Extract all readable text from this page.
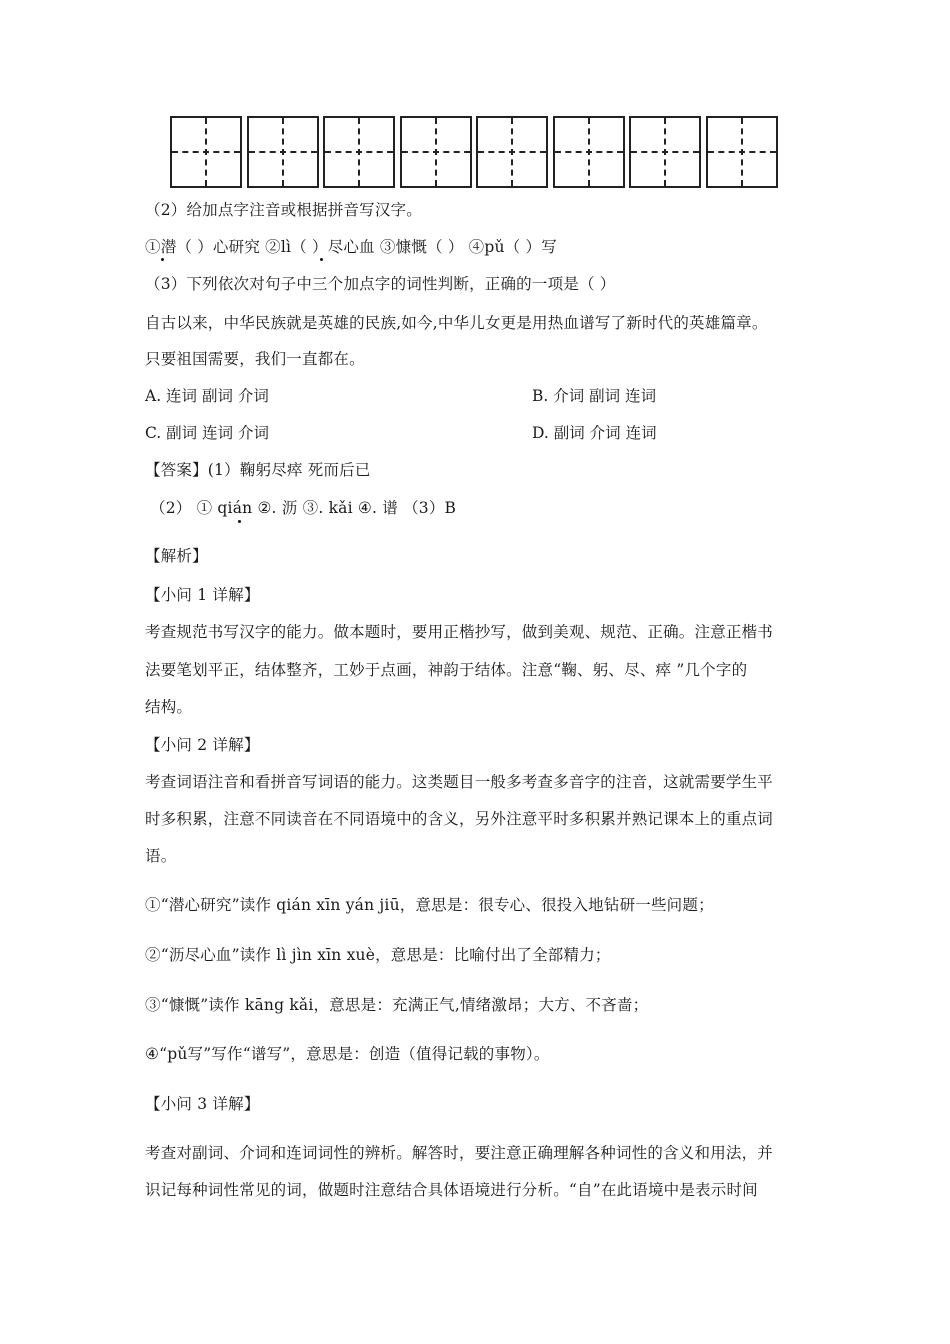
（2）给加点字注音或根据拼音写汉字。
①潜（ ）心研究 ②lì（ ）尽心血 ③慷慨（ ） ④pǔ（ ）写
（3）下列依次对句子中三个加点字的词性判断，正确的一项是（ ）
自古以来，中华民族就是英雄的民族,如今,中华儿女更是用热血谱写了新时代的英雄篇章。
只要祖国需要，我们一直都在。
A. 连词 副词 介词	B. 介词 副词 连词
C. 副词 连词 介词	D. 副词 介词 连词
【答案】(1）鞠躬尽瘁 死而后已
（2） ① qián ②. 沥 ③. kǎi ④. 谱 （3）B
【解析】
【小问 1 详解】
考查规范书写汉字的能力。做本题时，要用正楷抄写，做到美观、规范、正确。注意正楷书
法要笔划平正，结体整齐，工妙于点画，神韵于结体。注意“鞠、躬、尽、瘁 ”几个字的
结构。
【小问 2 详解】
考查词语注音和看拼音写词语的能力。这类题目一般多考查多音字的注音，这就需要学生平
时多积累，注意不同读音在不同语境中的含义，另外注意平时多积累并熟记课本上的重点词
语。
①“潜心研究”读作 qián xīn yán jiū，意思是：很专心、很投入地钻研一些问题；
②“沥尽心血”读作 lì jìn xīn xuè，意思是：比喻付出了全部精力；
③“慷慨”读作 kāng kǎi，意思是：充满正气,情绪激昂；大方、不吝啬；
④“pǔ写”写作“谱写”，意思是：创造（值得记载的事物）。
【小问 3 详解】
考查对副词、介词和连词词性的辨析。解答时，要注意正确理解各种词性的含义和用法，并
识记每种词性常见的词，做题时注意结合具体语境进行分析。“自”在此语境中是表示时间
